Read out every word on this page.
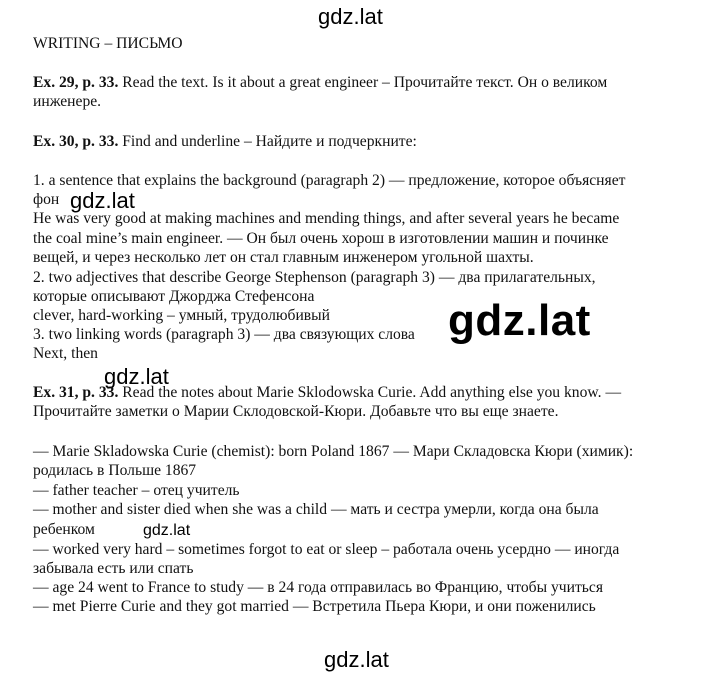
gdz.lat
gdz.lat
gdz.lat
gdz.lat
gdz.lat
gdz.lat
WRITING – ПИСЬМО
Ex. 29, p. 33. Read the text. Is it about a great engineer – Прочитайте текст. Он о великом
инженере.
Ex. 30, p. 33. Find and underline – Найдите и подчеркните:
1. a sentence that explains the background (paragraph 2) — предложение, которое объясняет
фон
He was very good at making machines and mending things, and after several years he became
the coal mine’s main engineer. — Он был очень хорош в изготовлении машин и починке
вещей, и через несколько лет он стал главным инженером угольной шахты.
2. two adjectives that describe George Stephenson (paragraph 3) — два прилагательных,
которые описывают Джорджа Стефенсона
clever, hard-working – умный, трудолюбивый
3. two linking words (paragraph 3) — два связующих слова
Next, then
Ex. 31, p. 33. Read the notes about Marie Sklodowska Curie. Add anything else you know. —
Прочитайте заметки о Марии Склодовской-Кюри. Добавьте что вы еще знаете.
— Marie Skladowska Curie (chemist): born Poland 1867 — Мари Складовска Кюри (химик):
родилась в Польше 1867
— father teacher – отец учитель
— mother and sister died when she was a child — мать и сестра умерли, когда она была
ребенком
— worked very hard – sometimes forgot to eat or sleep – работала очень усердно — иногда
забывала есть или спать
— age 24 went to France to study — в 24 года отправилась во Францию, чтобы учиться
— met Pierre Curie and they got married — Встретила Пьера Кюри, и они поженились
